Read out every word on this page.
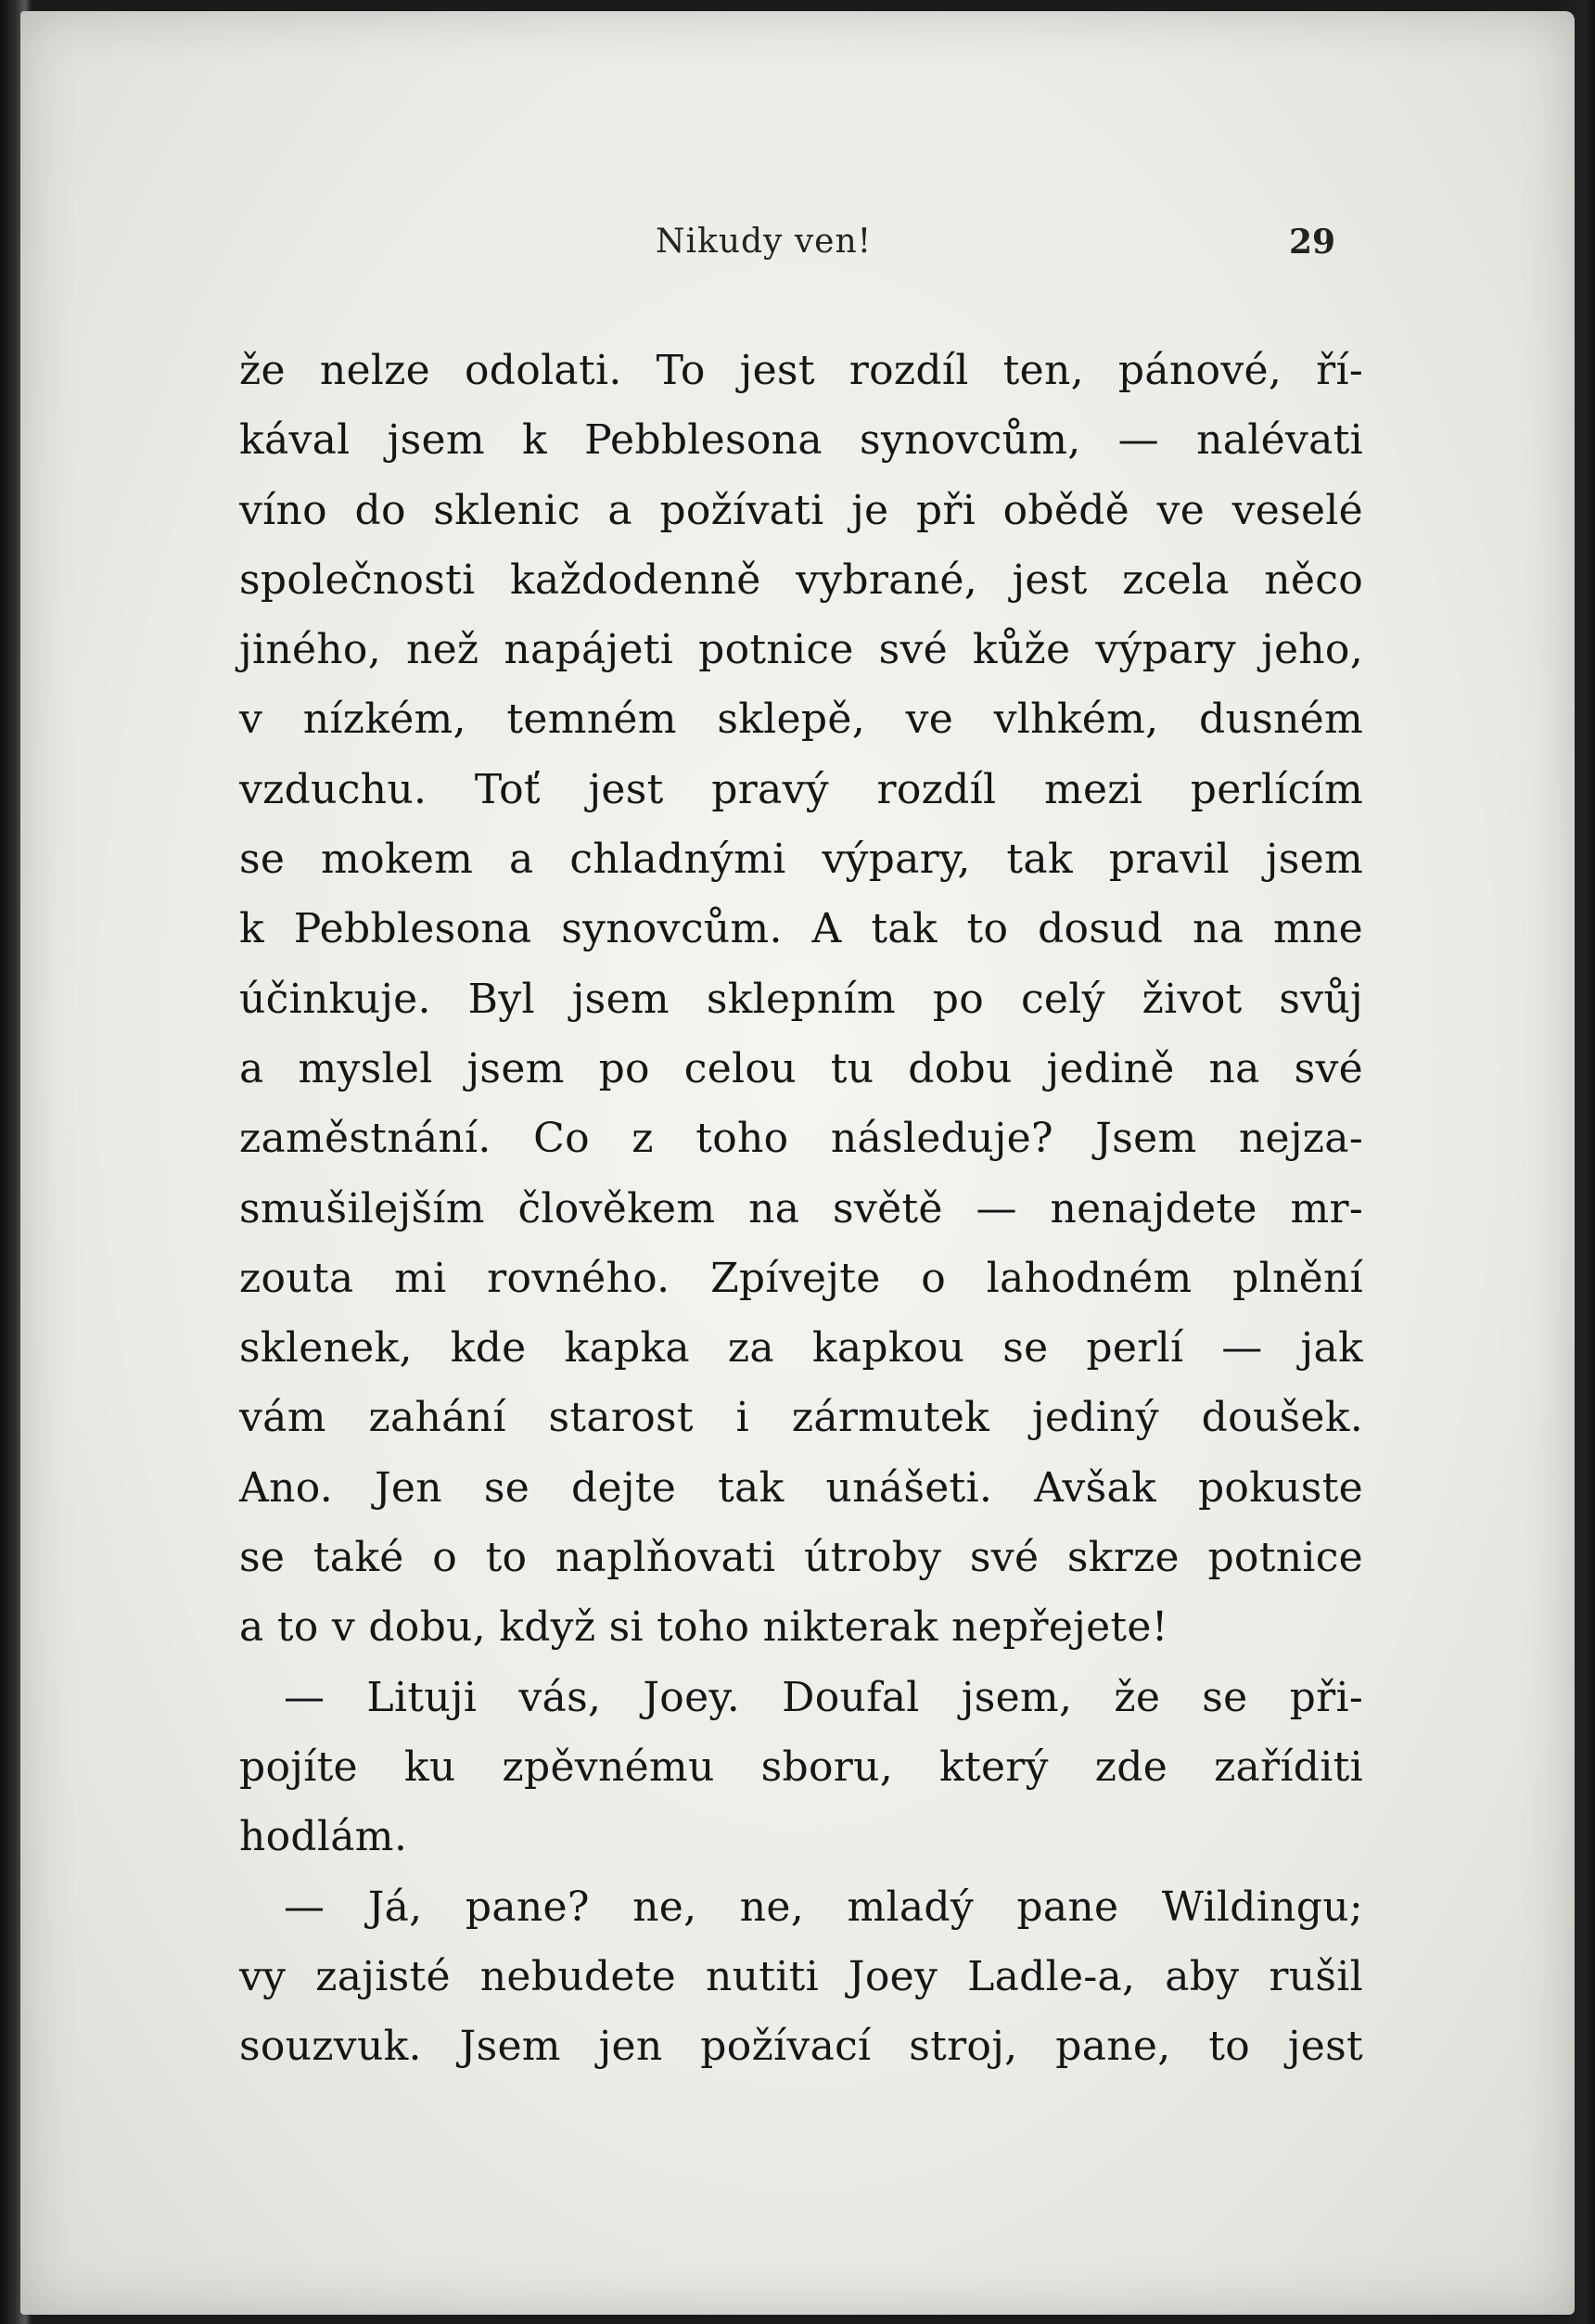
Nikudy ven!	29
že nelze odolati. To jest rozdíl ten, pánové, ří-
kával jsem k Pebblesona synovcům, — nalévati
víno do sklenic a požívati je při obědě ve veselé
společnosti každodenně vybrané, jest zcela něco
jiného, než napájeti potnice své kůže výpary jeho,
v nízkém, temném sklepě, ve vlhkém, dusném
vzduchu. Toť jest pravý rozdíl mezi perlícím
se mokem a chladnými výpary, tak pravil jsem
k Pebblesona synovcům. A tak to dosud na mne
účinkuje. Byl jsem sklepním po celý život svůj
a myslel jsem po celou tu dobu jedině na své
zaměstnání. Co z toho následuje? Jsem nejza-
smušilejším člověkem na světě — nenajdete mr-
zouta mi rovného. Zpívejte o lahodném plnění
sklenek, kde kapka za kapkou se perlí — jak
vám zahání starost i zármutek jediný doušek.
Ano. Jen se dejte tak unášeti. Avšak pokuste
se také o to naplňovati útroby své skrze potnice
a to v dobu, když si toho nikterak nepřejete!
— Lituji vás, Joey. Doufal jsem, že se při-
pojíte ku zpěvnému sboru, který zde zaříditi
hodlám.
— Já, pane? ne, ne, mladý pane Wildingu;
vy zajisté nebudete nutiti Joey Ladle-a, aby rušil
souzvuk. Jsem jen požívací stroj, pane, to jest
